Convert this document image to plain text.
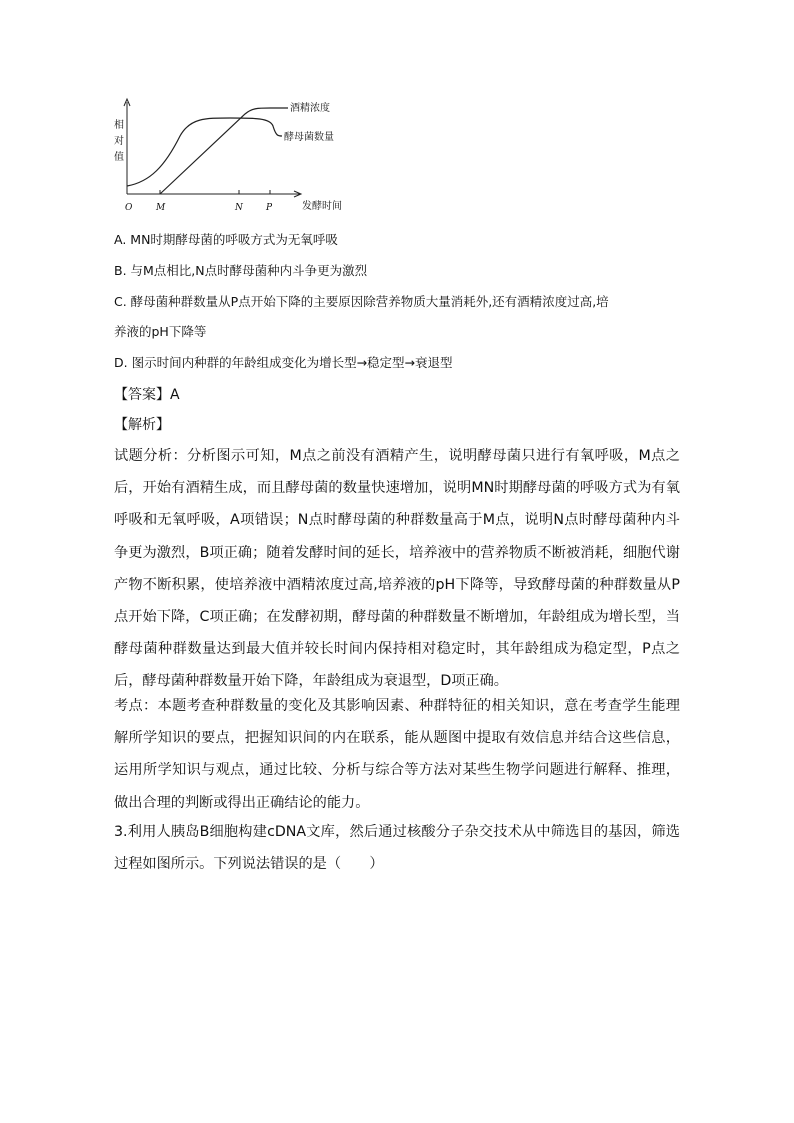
相
对
值
O	M	N	P	发酵时间
酒精浓度
酵母菌数量
A. MN时期酵母菌的呼吸方式为无氧呼吸
B. 与M点相比,N点时酵母菌种内斗争更为激烈
C. 酵母菌种群数量从P点开始下降的主要原因除营养物质大量消耗外,还有酒精浓度过高,培
养液的pH下降等
D. 图示时间内种群的年龄组成变化为增长型→稳定型→衰退型
【答案】A
【解析】

试题分析：分析图示可知，M点之前没有酒精产生，说明酵母菌只进行有氧呼吸，M点之后，开始有酒精生成，而且酵母菌的数量快速增加，说明MN时期酵母菌的呼吸方式为有氧呼吸和无氧呼吸，A项错误；N点时酵母菌的种群数量高于M点，说明N点时酵母菌种内斗争更为激烈，B项正确；随着发酵时间的延长，培养液中的营养物质不断被消耗，细胞代谢产物不断积累，使培养液中酒精浓度过高,培养液的pH下降等，导致酵母菌的种群数量从P点开始下降，C项正确；在发酵初期，酵母菌的种群数量不断增加，年龄组成为增长型，当酵母菌种群数量达到最大值并较长时间内保持相对稳定时，其年龄组成为稳定型，P点之后，酵母菌种群数量开始下降，年龄组成为衰退型，D项正确。

考点：本题考查种群数量的变化及其影响因素、种群特征的相关知识，意在考查学生能理解所学知识的要点，把握知识间的内在联系，能从题图中提取有效信息并结合这些信息，运用所学知识与观点，通过比较、分析与综合等方法对某些生物学问题进行解释、推理，做出合理的判断或得出正确结论的能力。

3.利用人胰岛B细胞构建cDNA文库，然后通过核酸分子杂交技术从中筛选目的基因，筛选过程如图所示。下列说法错误的是（　　）
